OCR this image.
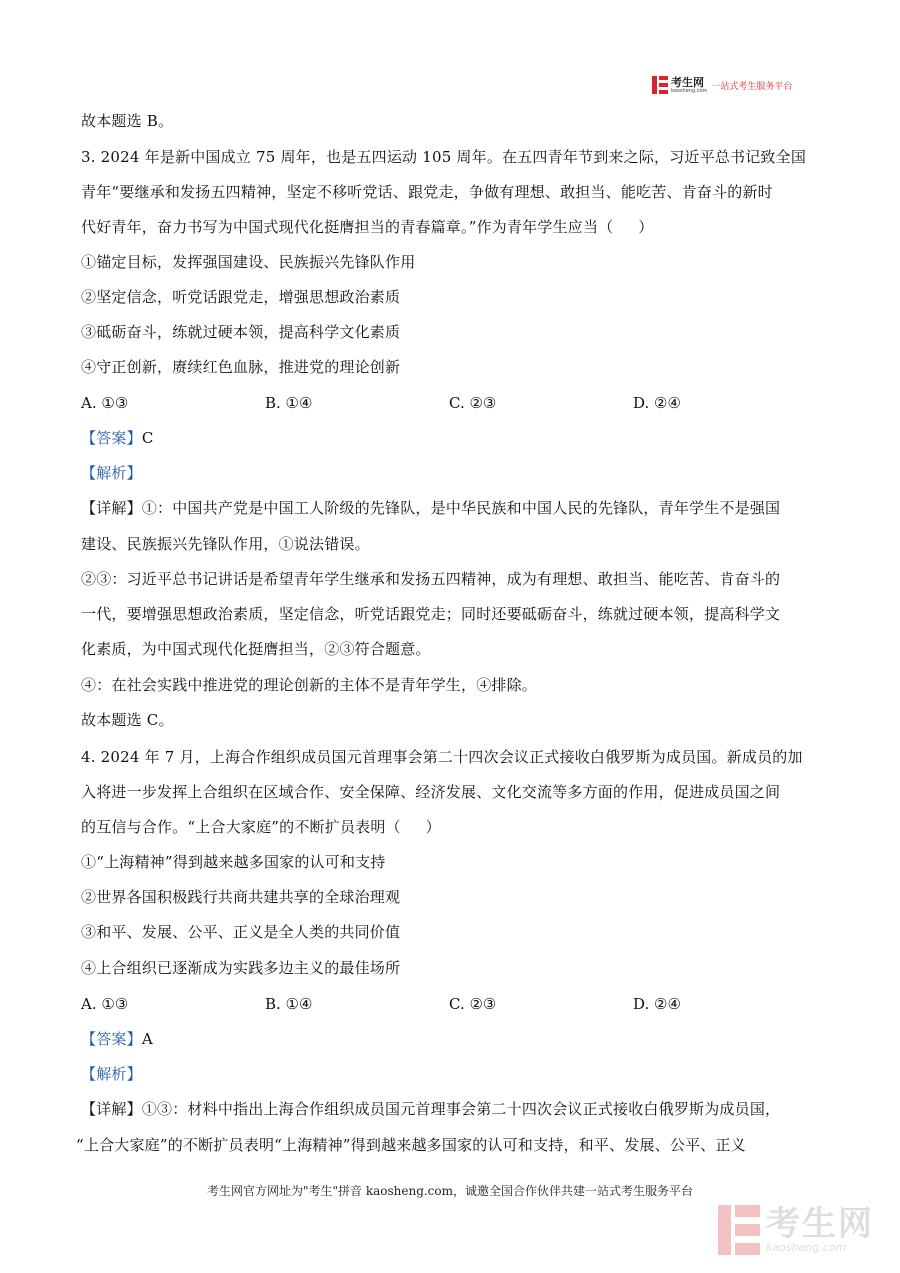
考生网
kaosheng.com 一站式考生服务平台
故本题选 B。
3. 2024 年是新中国成立 75 周年，也是五四运动 105 周年。在五四青年节到来之际，习近平总书记致全国
青年“要继承和发扬五四精神，坚定不移听党话、跟党走，争做有理想、敢担当、能吃苦、肯奋斗的新时
代好青年，奋力书写为中国式现代化挺膺担当的青春篇章。”作为青年学生应当（     ）
①锚定目标，发挥强国建设、民族振兴先锋队作用
②坚定信念，听党话跟党走，增强思想政治素质
③砥砺奋斗，练就过硬本领，提高科学文化素质
④守正创新，赓续红色血脉，推进党的理论创新
A. ①③	B. ①④	C. ②③	D. ②④
【答案】C
【解析】
【详解】①：中国共产党是中国工人阶级的先锋队，是中华民族和中国人民的先锋队，青年学生不是强国
建设、民族振兴先锋队作用，①说法错误。
②③：习近平总书记讲话是希望青年学生继承和发扬五四精神，成为有理想、敢担当、能吃苦、肯奋斗的
一代，要增强思想政治素质，坚定信念，听党话跟党走；同时还要砥砺奋斗，练就过硬本领，提高科学文
化素质，为中国式现代化挺膺担当，②③符合题意。
④：在社会实践中推进党的理论创新的主体不是青年学生，④排除。
故本题选 C。
4. 2024 年 7 月，上海合作组织成员国元首理事会第二十四次会议正式接收白俄罗斯为成员国。新成员的加
入将进一步发挥上合组织在区域合作、安全保障、经济发展、文化交流等多方面的作用，促进成员国之间
的互信与合作。“上合大家庭”的不断扩员表明（     ）
①“上海精神”得到越来越多国家的认可和支持
②世界各国积极践行共商共建共享的全球治理观
③和平、发展、公平、正义是全人类的共同价值
④上合组织已逐渐成为实践多边主义的最佳场所
A. ①③	B. ①④	C. ②③	D. ②④
【答案】A
【解析】
【详解】①③：材料中指出上海合作组织成员国元首理事会第二十四次会议正式接收白俄罗斯为成员国，
“上合大家庭”的不断扩员表明“上海精神”得到越来越多国家的认可和支持，和平、发展、公平、正义
考生网官方网址为"考生"拼音 kaosheng.com，诚邀全国合作伙伴共建一站式考生服务平台
考生网
kaosheng.com
